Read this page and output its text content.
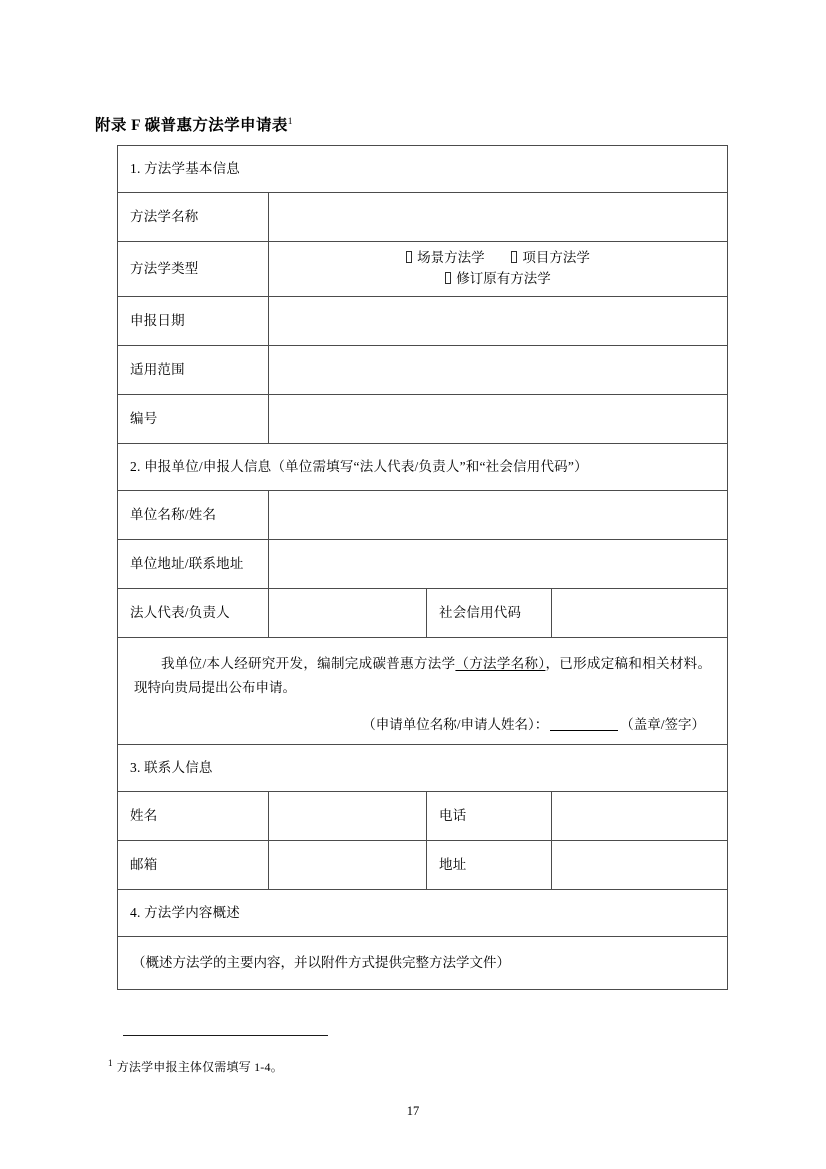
附录 F 碳普惠方法学申请表$^1$
1. 方法学基本信息			

方法学名称			

方法学类型	场景方法学 项目方法学
修订原有方法学		

申报日期			

适用范围			

编号			

2. 申报单位/申报人信息（单位需填写“法人代表/负责人”和“社会信用代码”）			

单位名称/姓名			

单位地址/联系地址			

法人代表/负责人		社会信用代码	

我单位/本人经研究开发，编制完成碳普惠方法学（方法学名称），已形成定稿和相关材料。现特向贵局提出公布申请。

（申请单位名称/申请人姓名）： （盖章/签字）			

3. 联系人信息			

姓名		电话	

邮箱		地址	

4. 方法学内容概述			

（概述方法学的主要内容，并以附件方式提供完整方法学文件）			
$^1$ 方法学申报主体仅需填写 1-4。
17
